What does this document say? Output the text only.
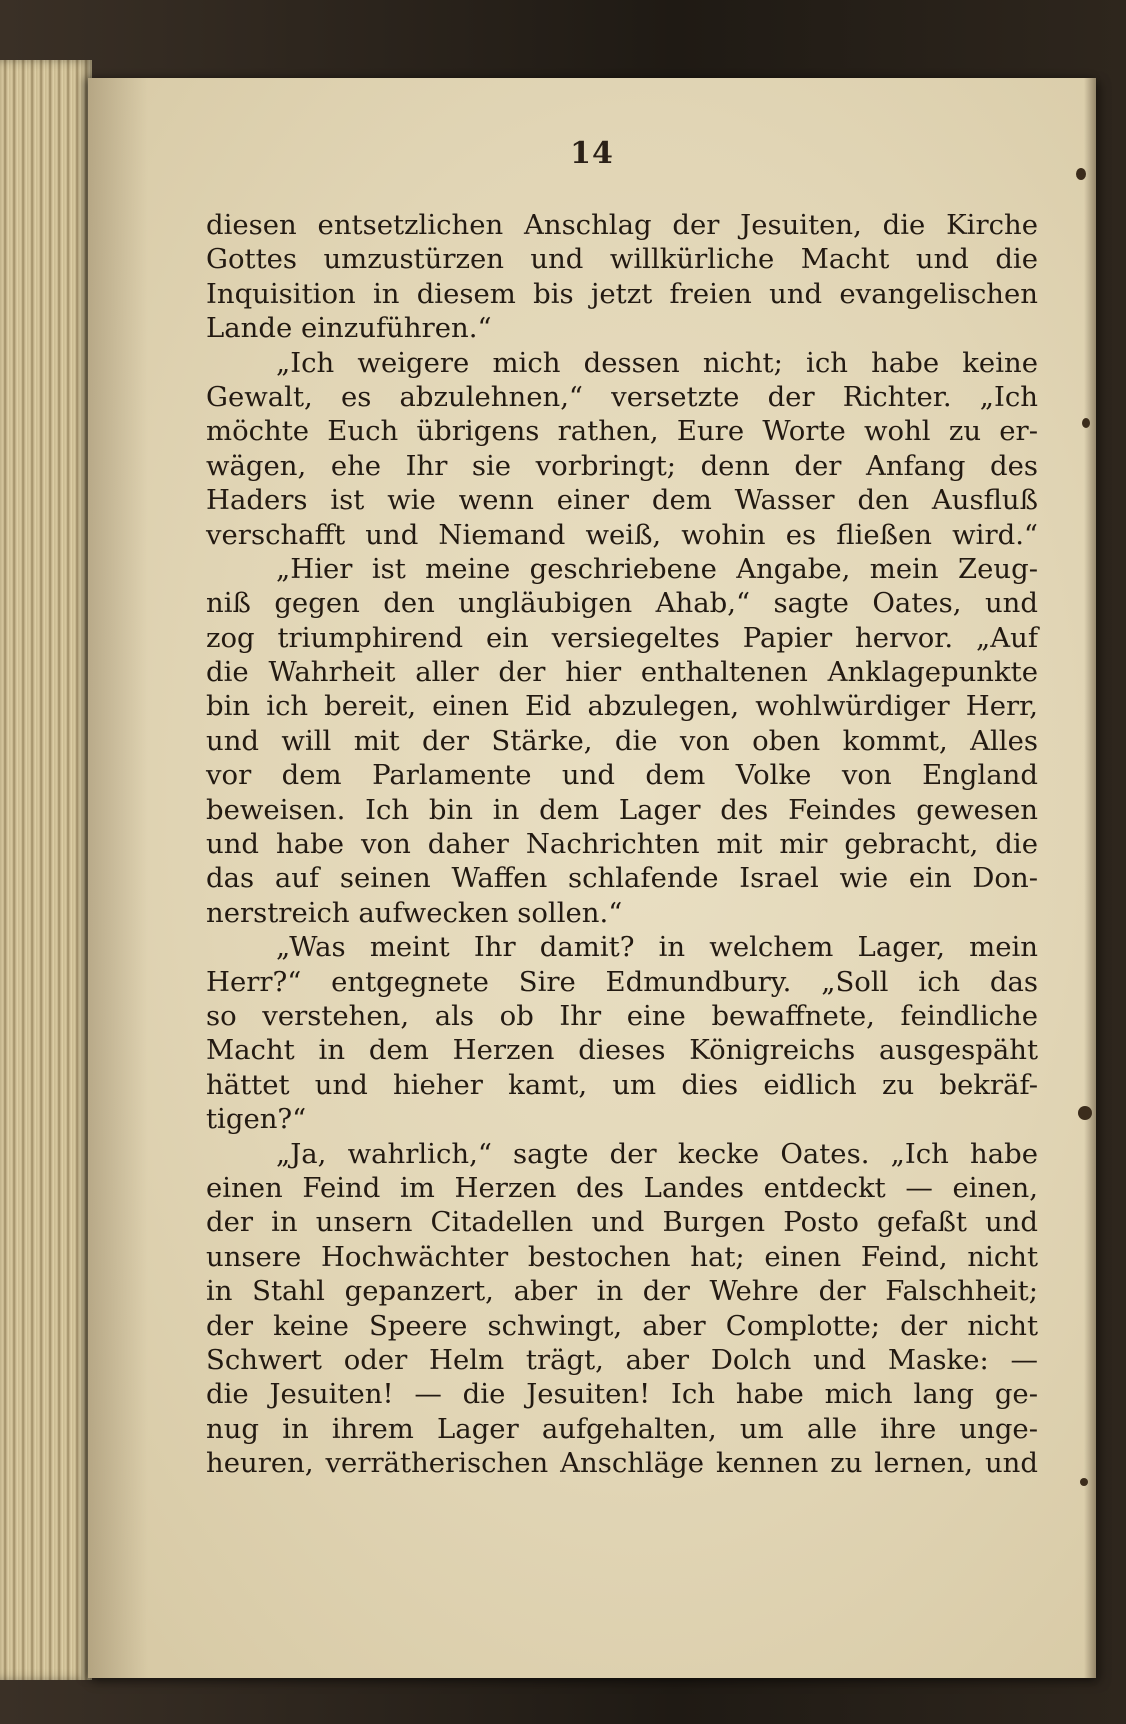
14
diesen entsetzlichen Anschlag der Jesuiten, die Kirche
Gottes umzustürzen und willkürliche Macht und die
Inquisition in diesem bis jetzt freien und evangelischen
Lande einzuführen.“
„Ich weigere mich dessen nicht; ich habe keine
Gewalt, es abzulehnen,“ versetzte der Richter. „Ich
möchte Euch übrigens rathen, Eure Worte wohl zu er-
wägen, ehe Ihr sie vorbringt; denn der Anfang des
Haders ist wie wenn einer dem Wasser den Ausfluß
verschafft und Niemand weiß, wohin es fließen wird.“
„Hier ist meine geschriebene Angabe, mein Zeug-
niß gegen den ungläubigen Ahab,“ sagte Oates, und
zog triumphirend ein versiegeltes Papier hervor. „Auf
die Wahrheit aller der hier enthaltenen Anklagepunkte
bin ich bereit, einen Eid abzulegen, wohlwürdiger Herr,
und will mit der Stärke, die von oben kommt, Alles
vor dem Parlamente und dem Volke von England
beweisen. Ich bin in dem Lager des Feindes gewesen
und habe von daher Nachrichten mit mir gebracht, die
das auf seinen Waffen schlafende Israel wie ein Don-
nerstreich aufwecken sollen.“
„Was meint Ihr damit? in welchem Lager, mein
Herr?“ entgegnete Sire Edmundbury. „Soll ich das
so verstehen, als ob Ihr eine bewaffnete, feindliche
Macht in dem Herzen dieses Königreichs ausgespäht
hättet und hieher kamt, um dies eidlich zu bekräf-
tigen?“
„Ja, wahrlich,“ sagte der kecke Oates. „Ich habe
einen Feind im Herzen des Landes entdeckt — einen,
der in unsern Citadellen und Burgen Posto gefaßt und
unsere Hochwächter bestochen hat; einen Feind, nicht
in Stahl gepanzert, aber in der Wehre der Falschheit;
der keine Speere schwingt, aber Complotte; der nicht
Schwert oder Helm trägt, aber Dolch und Maske: —
die Jesuiten! — die Jesuiten! Ich habe mich lang ge-
nug in ihrem Lager aufgehalten, um alle ihre unge-
heuren, verrätherischen Anschläge kennen zu lernen, und
